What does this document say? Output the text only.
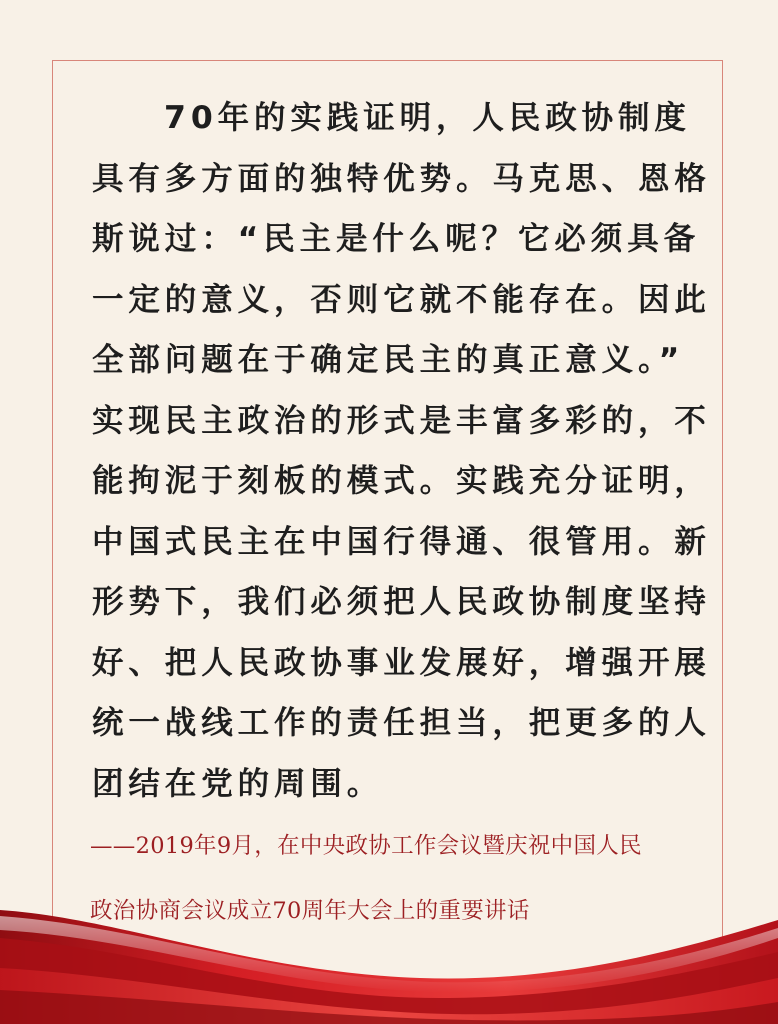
70年的实践证明，人民政协制度
具有多方面的独特优势。马克思、恩格
斯说过：“民主是什么呢？它必须具备
一定的意义，否则它就不能存在。因此
全部问题在于确定民主的真正意义。”
实现民主政治的形式是丰富多彩的，不
能拘泥于刻板的模式。实践充分证明，
中国式民主在中国行得通、很管用。新
形势下，我们必须把人民政协制度坚持
好、把人民政协事业发展好，增强开展
统一战线工作的责任担当，把更多的人
团结在党的周围。

——2019年9月，在中央政协工作会议暨庆祝中国人民

政治协商会议成立70周年大会上的重要讲话
